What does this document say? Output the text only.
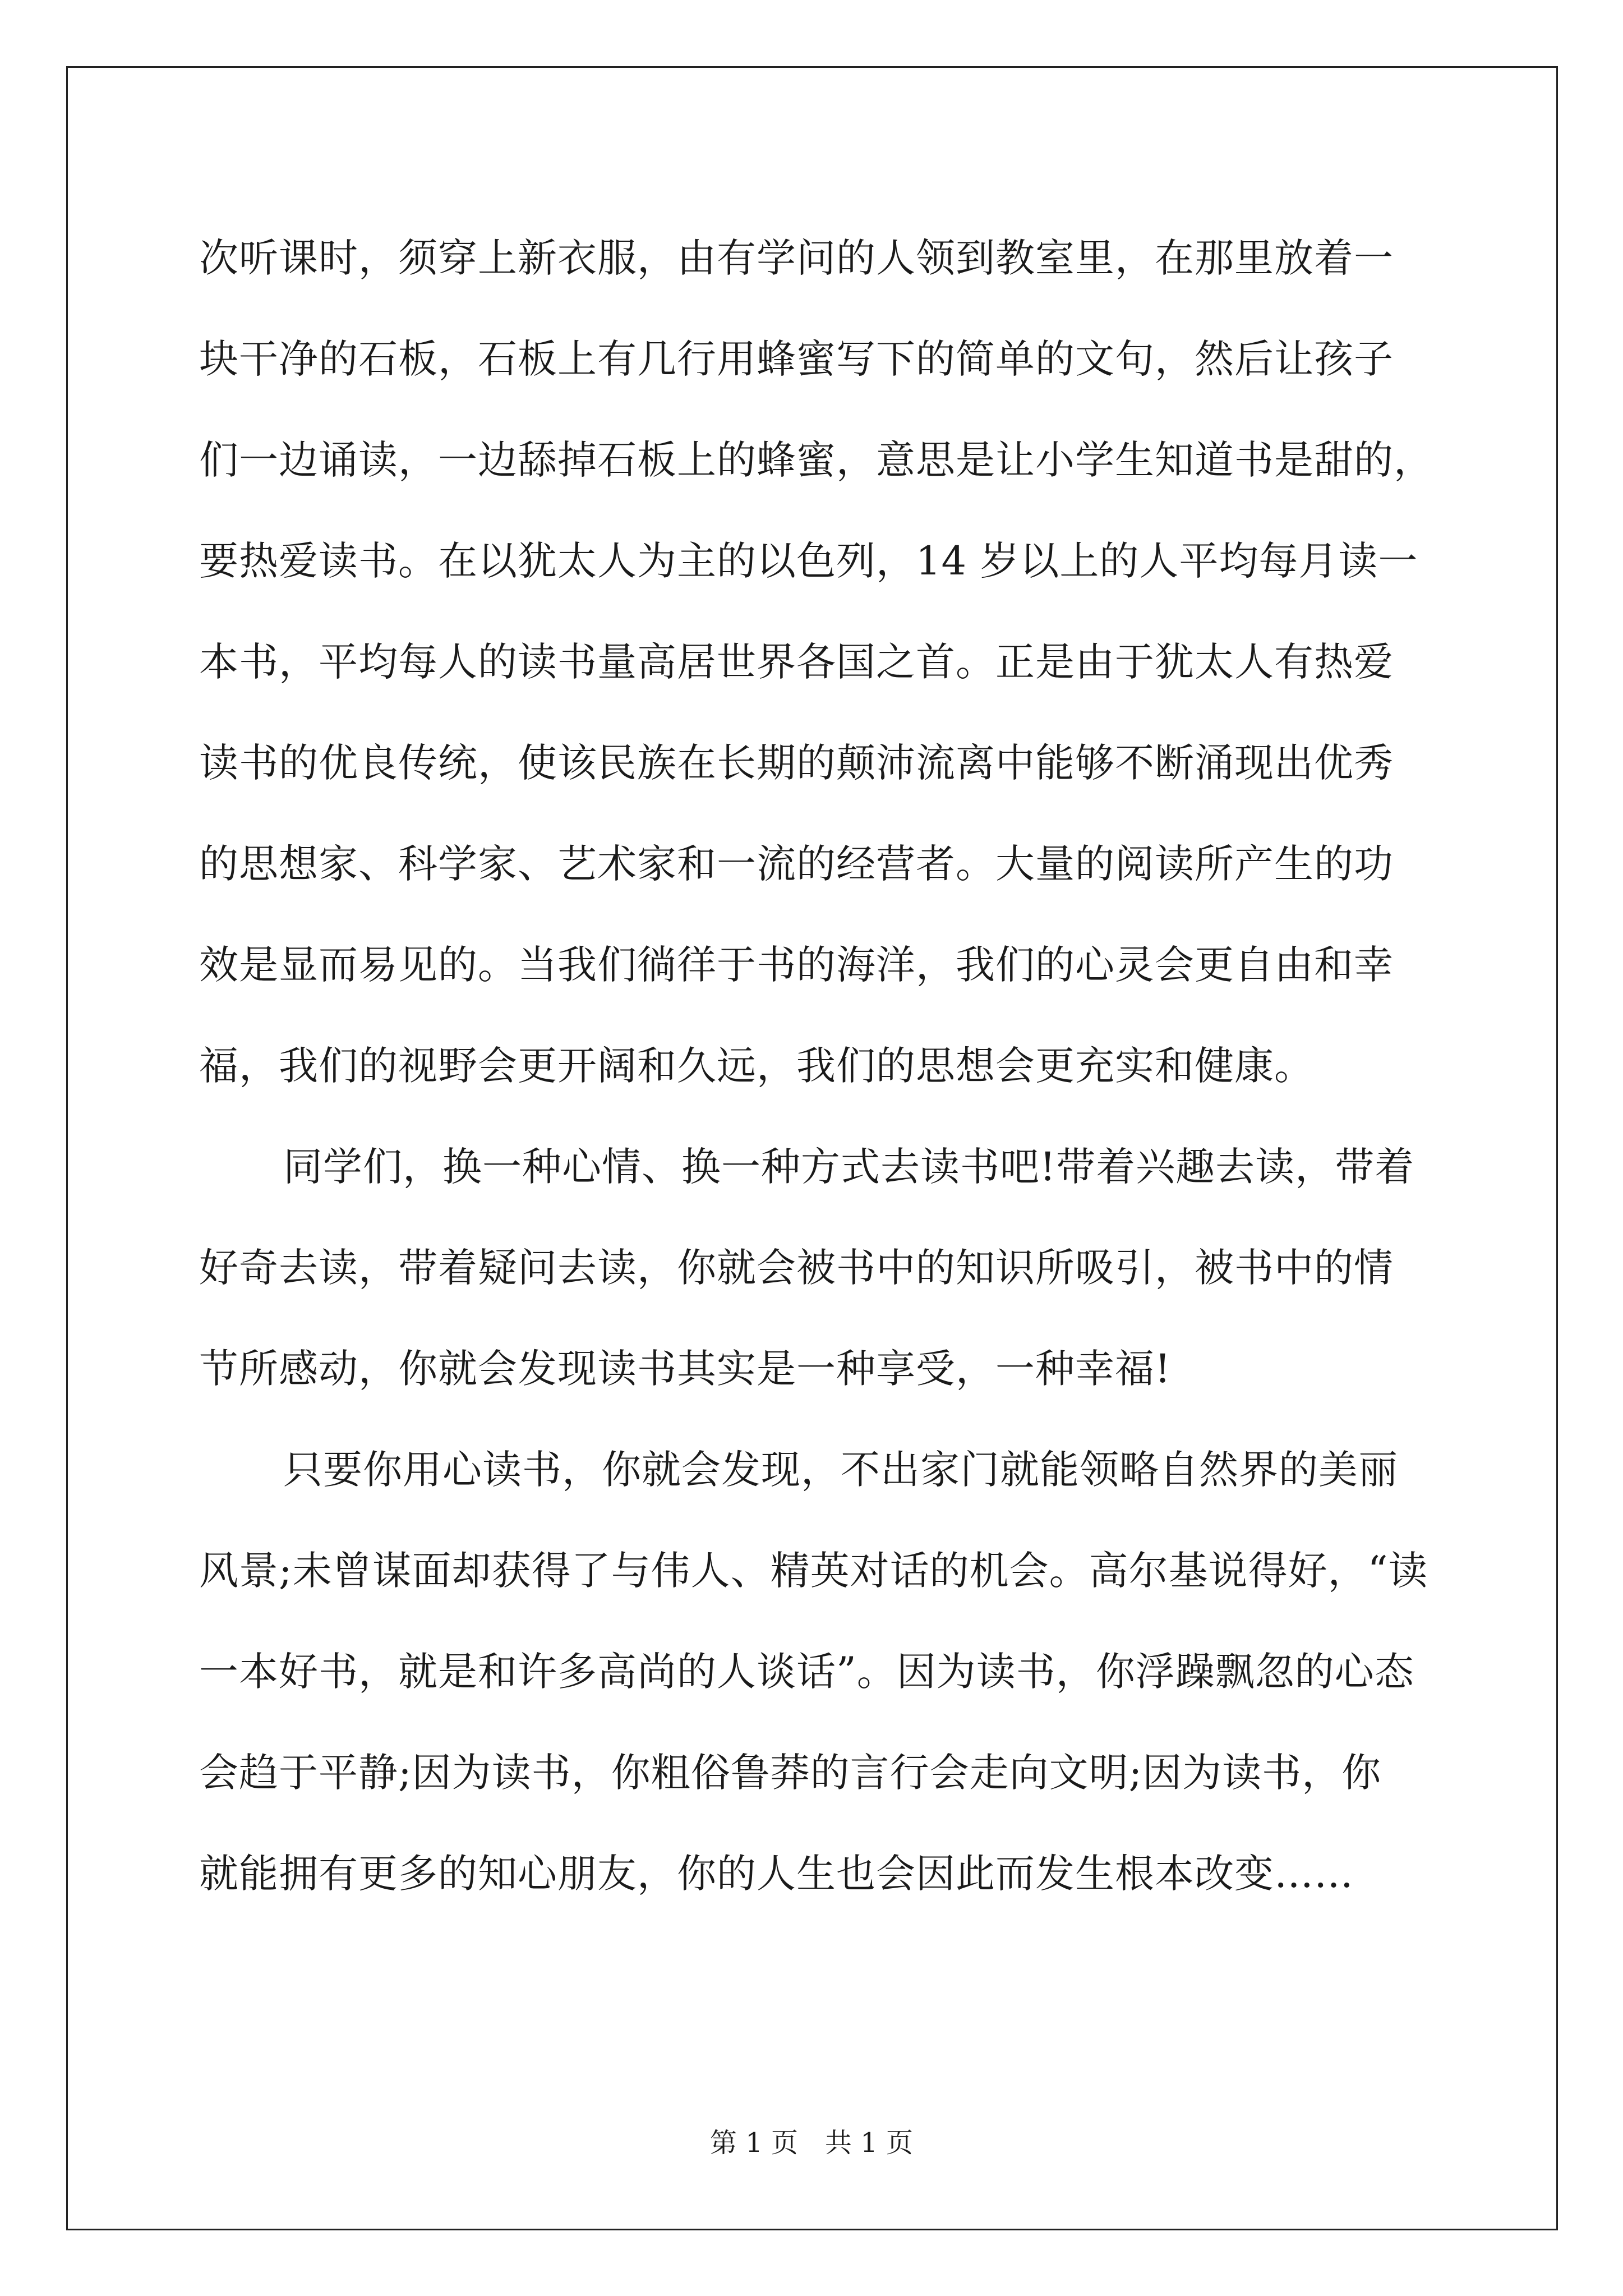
次听课时，须穿上新衣服，由有学问的人领到教室里，在那里放着一
块干净的石板，石板上有几行用蜂蜜写下的简单的文句，然后让孩子
们一边诵读，一边舔掉石板上的蜂蜜，意思是让小学生知道书是甜的，
要热爱读书。在以犹太人为主的以色列，14 岁以上的人平均每月读一
本书，平均每人的读书量高居世界各国之首。正是由于犹太人有热爱
读书的优良传统，使该民族在长期的颠沛流离中能够不断涌现出优秀
的思想家、科学家、艺术家和一流的经营者。大量的阅读所产生的功
效是显而易见的。当我们徜徉于书的海洋，我们的心灵会更自由和幸
福，我们的视野会更开阔和久远，我们的思想会更充实和健康。
同学们，换一种心情、换一种方式去读书吧!带着兴趣去读，带着
好奇去读，带着疑问去读，你就会被书中的知识所吸引，被书中的情
节所感动，你就会发现读书其实是一种享受，一种幸福!
只要你用心读书，你就会发现，不出家门就能领略自然界的美丽
风景;未曾谋面却获得了与伟人、精英对话的机会。高尔基说得好，“读
一本好书，就是和许多高尚的人谈话”。因为读书，你浮躁飘忽的心态
会趋于平静;因为读书，你粗俗鲁莽的言行会走向文明;因为读书，你
就能拥有更多的知心朋友，你的人生也会因此而发生根本改变……
第 1 页　共 1 页
